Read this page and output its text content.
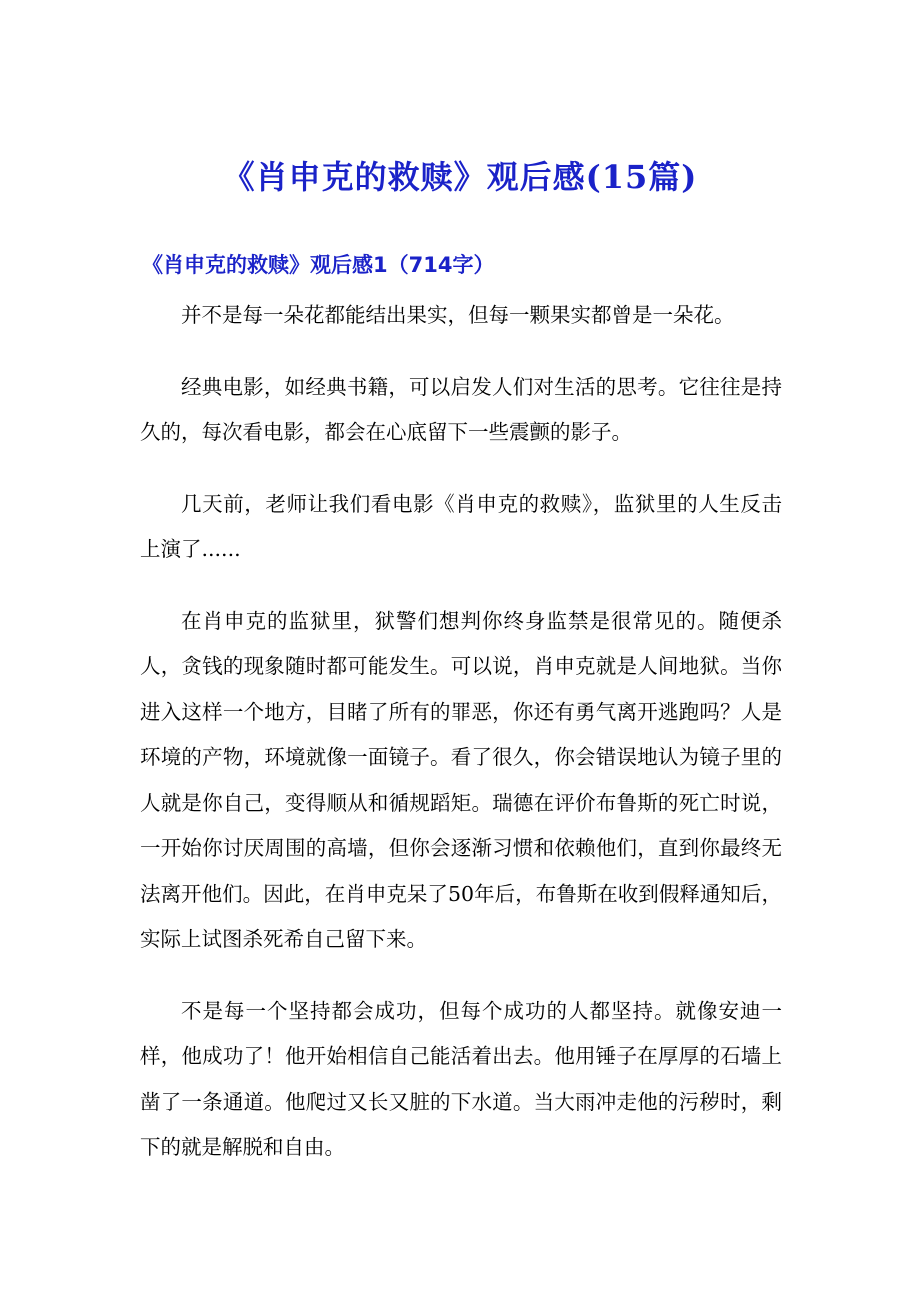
《肖申克的救赎》观后感(15篇)
《肖申克的救赎》观后感1（714字）

并不是每一朵花都能结出果实，但每一颗果实都曾是一朵花。

经典电影，如经典书籍，可以启发人们对生活的思考。它往往是持久的，每次看电影，都会在心底留下一些震颤的影子。

几天前，老师让我们看电影《肖申克的救赎》，监狱里的人生反击上演了......

在肖申克的监狱里，狱警们想判你终身监禁是很常见的。随便杀人，贪钱的现象随时都可能发生。可以说，肖申克就是人间地狱。当你进入这样一个地方，目睹了所有的罪恶，你还有勇气离开逃跑吗？人是环境的产物，环境就像一面镜子。看了很久，你会错误地认为镜子里的人就是你自己，变得顺从和循规蹈矩。瑞德在评价布鲁斯的死亡时说，一开始你讨厌周围的高墙，但你会逐渐习惯和依赖他们，直到你最终无法离开他们。因此，在肖申克呆了50年后，布鲁斯在收到假释通知后，实际上试图杀死希自己留下来。

不是每一个坚持都会成功，但每个成功的人都坚持。就像安迪一样，他成功了！他开始相信自己能活着出去。他用锤子在厚厚的石墙上凿了一条通道。他爬过又长又脏的下水道。当大雨冲走他的污秽时，剩下的就是解脱和自由。
